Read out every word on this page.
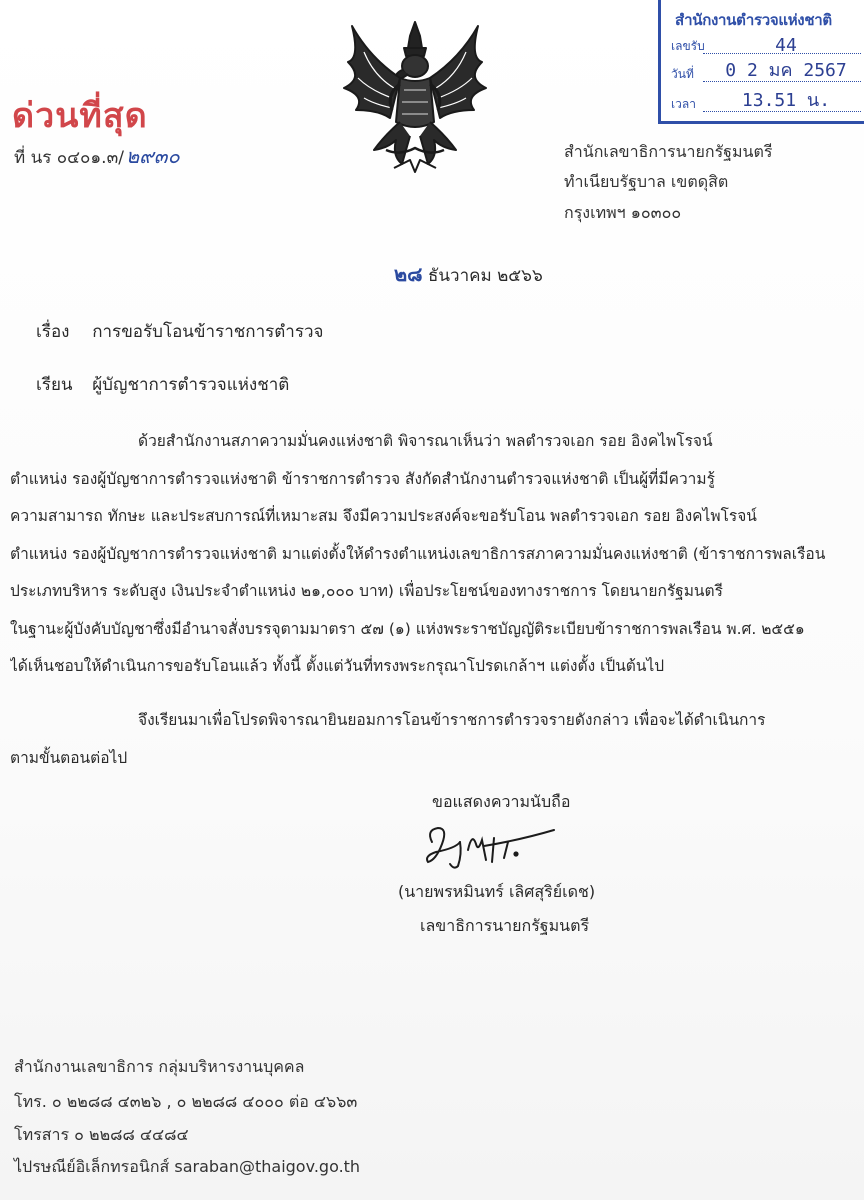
สำนักงานตำรวจแห่งชาติ
เลขรับ	44
วันที่	0 2 มค 2567
เวลา	13.51 น.
ด่วนที่สุด
ที่ นร ๐๔๐๑.๓/ ๒๙๓๐	สำนักเลขาธิการนายกรัฐมนตรี
ทำเนียบรัฐบาล เขตดุสิต
กรุงเทพฯ ๑๐๓๐๐
๒๘ ธันวาคม ๒๕๖๖
เรื่อง การขอรับโอนข้าราชการตำรวจ
เรียน ผู้บัญชาการตำรวจแห่งชาติ
ด้วยสำนักงานสภาความมั่นคงแห่งชาติ พิจารณาเห็นว่า พลตำรวจเอก รอย อิงคไพโรจน์
ตำแหน่ง รองผู้บัญชาการตำรวจแห่งชาติ ข้าราชการตำรวจ สังกัดสำนักงานตำรวจแห่งชาติ เป็นผู้ที่มีความรู้
ความสามารถ ทักษะ และประสบการณ์ที่เหมาะสม จึงมีความประสงค์จะขอรับโอน พลตำรวจเอก รอย อิงคไพโรจน์
ตำแหน่ง รองผู้บัญชาการตำรวจแห่งชาติ มาแต่งตั้งให้ดำรงตำแหน่งเลขาธิการสภาความมั่นคงแห่งชาติ (ข้าราชการพลเรือน
ประเภทบริหาร ระดับสูง เงินประจำตำแหน่ง ๒๑,๐๐๐ บาท) เพื่อประโยชน์ของทางราชการ โดยนายกรัฐมนตรี
ในฐานะผู้บังคับบัญชาซึ่งมีอำนาจสั่งบรรจุตามมาตรา ๕๗ (๑) แห่งพระราชบัญญัติระเบียบข้าราชการพลเรือน พ.ศ. ๒๕๕๑
ได้เห็นชอบให้ดำเนินการขอรับโอนแล้ว ทั้งนี้ ตั้งแต่วันที่ทรงพระกรุณาโปรดเกล้าฯ แต่งตั้ง เป็นต้นไป
จึงเรียนมาเพื่อโปรดพิจารณายินยอมการโอนข้าราชการตำรวจรายดังกล่าว เพื่อจะได้ดำเนินการ
ตามขั้นตอนต่อไป
ขอแสดงความนับถือ
(นายพรหมินทร์ เลิศสุริย์เดช)
เลขาธิการนายกรัฐมนตรี
สำนักงานเลขาธิการ กลุ่มบริหารงานบุคคล
โทร. ๐ ๒๒๘๘ ๔๓๒๖ , ๐ ๒๒๘๘ ๔๐๐๐ ต่อ ๔๖๖๓
โทรสาร ๐ ๒๒๘๘ ๔๔๘๔
ไปรษณีย์อิเล็กทรอนิกส์ saraban@thaigov.go.th
